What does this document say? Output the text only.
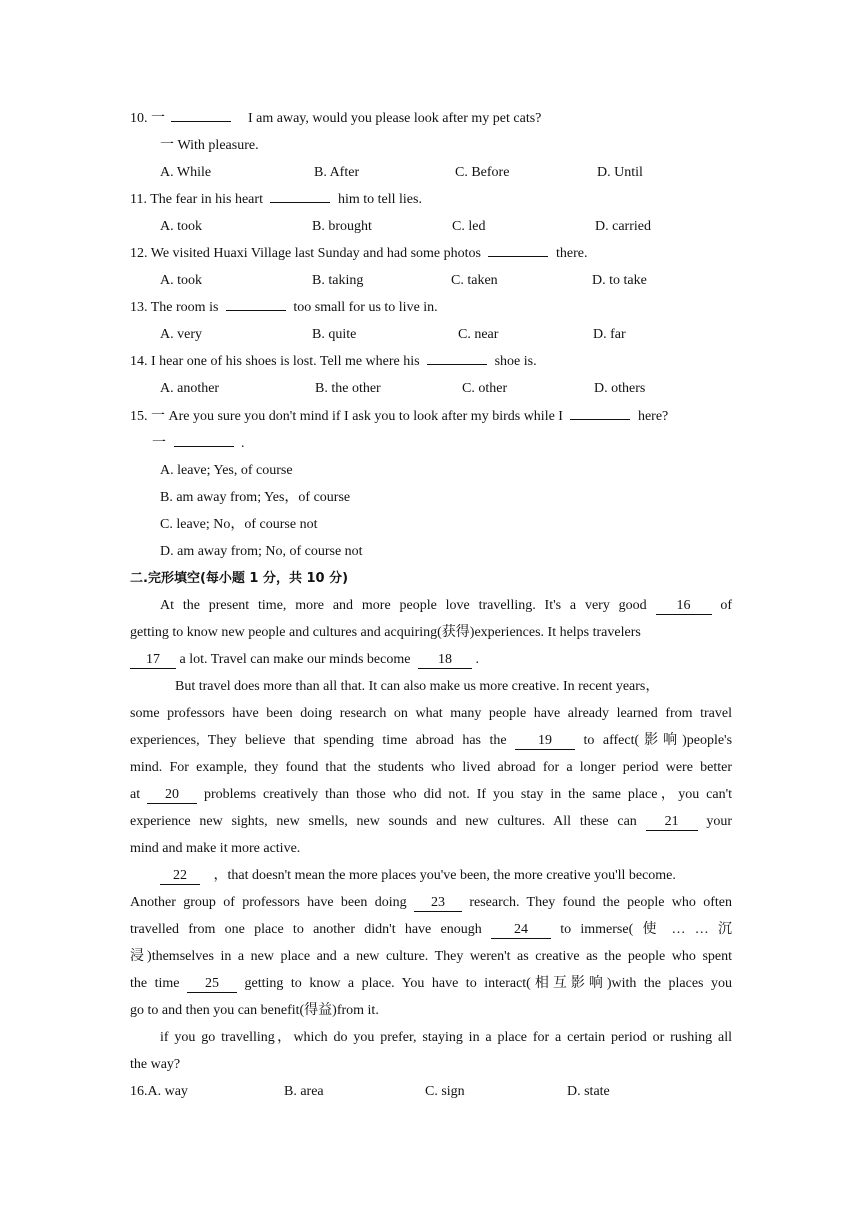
10. 一	I am away, would you please look after my pet cats?
一 With pleasure.
A. While	B. After	C. Before	D. Until
11. The fear in his heart	him to tell lies.
A. took	B. brought	C. led	D. carried
12. We visited Huaxi Village last Sunday and had some photos	there.
A. took	B. taking	C. taken	D. to take
13. The room is	too small for us to live in.
A. very	B. quite	C. near	D. far
14. I hear one of his shoes is lost. Tell me where his	shoe is.
A. another	B. the other	C. other	D. others
15. 一 Are you sure you don't mind if I ask you to look after my birds while I	here?
一	.
A. leave; Yes, of course
B. am away from; Yes，of course
C. leave; No，of course not
D. am away from; No, of course not
二.完形填空(每小题 1 分，共 10 分)
At the present time, more and more people love travelling. It's a very good 16 of
getting to know new people and cultures and acquiring(获得)experiences. It helps travelers
17 a lot. Travel can make our minds become 18 .
But travel does more than all that. It can also make us more creative. In recent years，
some professors have been doing research on what many people have already learned from travel
experiences, They believe that spending time abroad has the 19 to affect(影响)people's
mind. For example, they found that the students who lived abroad for a longer period were better
at 20 problems creatively than those who did not. If you stay in the same place，you can't
experience new sights, new smells, new sounds and new cultures. All these can 21 your
mind and make it more active.
22 ，that doesn't mean the more places you've been, the more creative you'll become.
Another group of professors have been doing 23 research. They found the people who often
travelled from one place to another didn't have enough 24 to immerse( 使 … … 沉
浸)themselves in a new place and a new culture. They weren't as creative as the people who spent
the time 25 getting to know a place. You have to interact(相互影响)with the places you
go to and then you can benefit(得益)from it.
if you go travelling，which do you prefer, staying in a place for a certain period or rushing all
the way?
16.A. way	B. area	C. sign	D. state
